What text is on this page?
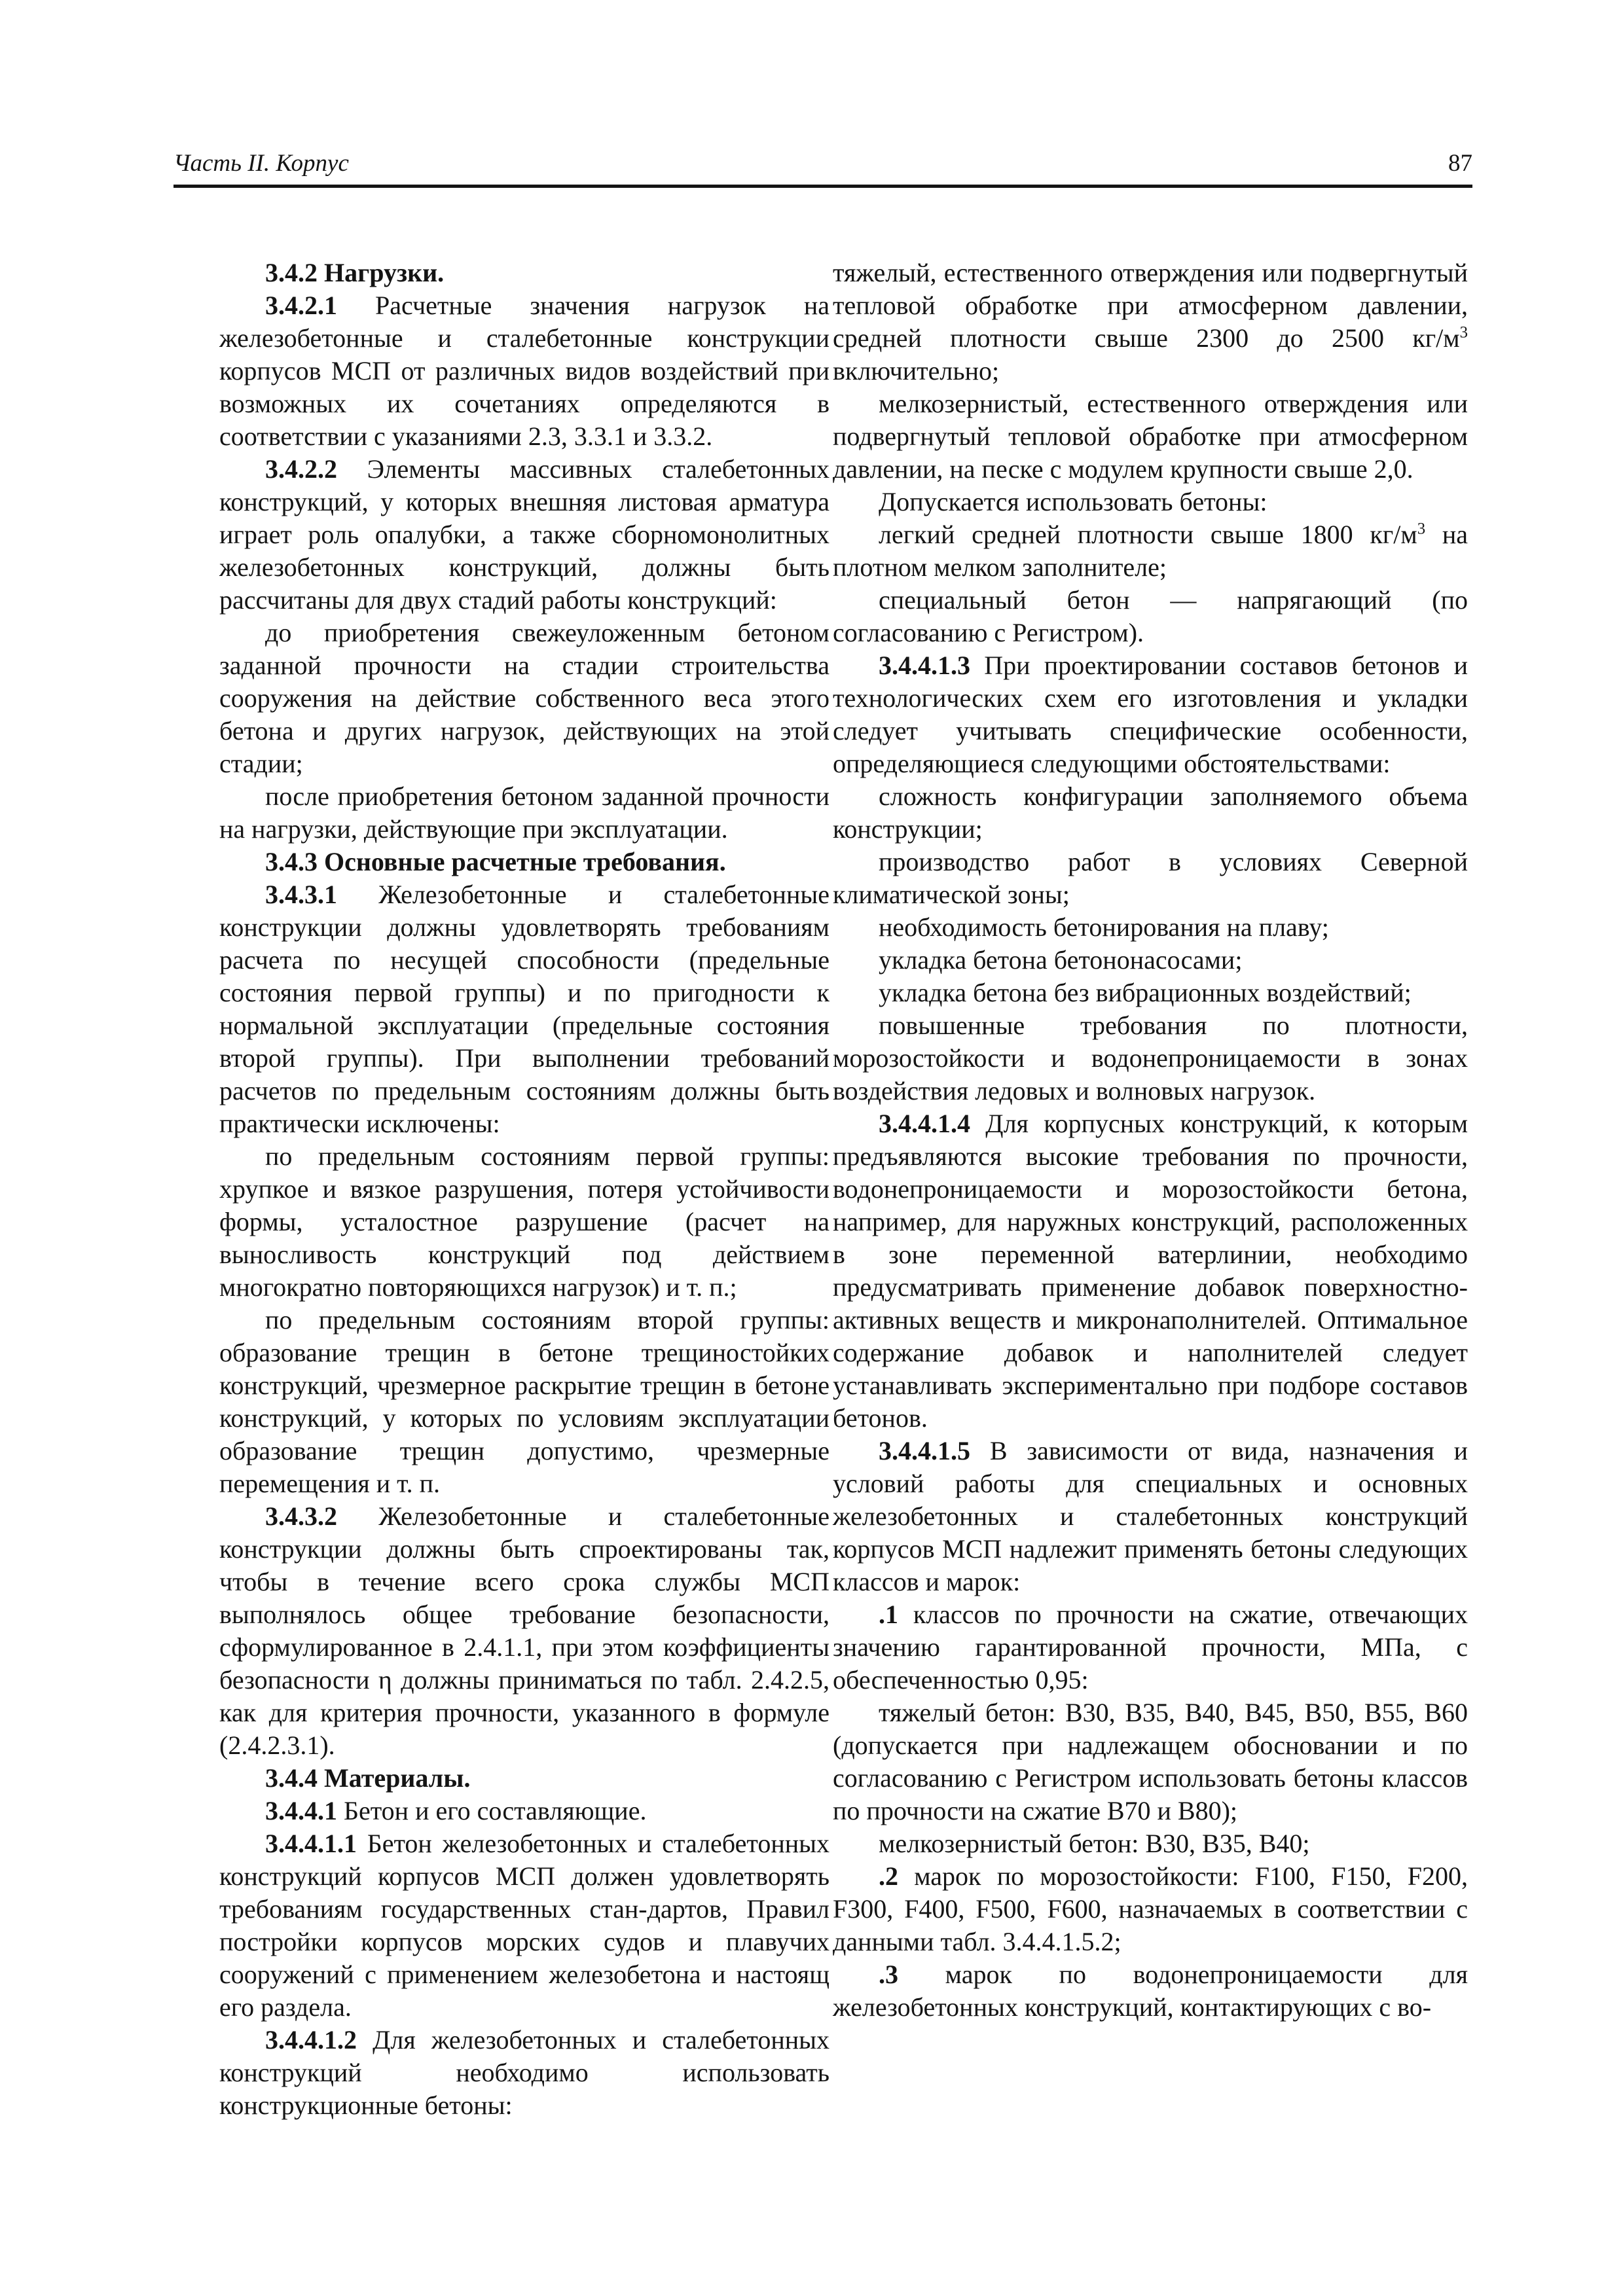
Часть II. Корпус	87

3.4.2 Нагрузки.

3.4.2.1 Расчетные значения нагрузок на железобетонные и сталебетонные конструкции корпусов МСП от различных видов воздействий при возможных их сочетаниях определяются в соответствии с указаниями 2.3, 3.3.1 и 3.3.2.

3.4.2.2 Элементы массивных сталебетонных конструкций, у которых внешняя листовая арматура играет роль опалубки, а также сборномонолитных железобетонных конструкций, должны быть рассчитаны для двух стадий работы конструкций:

до приобретения свежеуложенным бетоном заданной прочности на стадии строительства сооружения на действие собственного веса этого бетона и других нагрузок, действующих на этой стадии;

после приобретения бетоном заданной прочности на нагрузки, действующие при эксплуатации.

3.4.3 Основные расчетные требования.

3.4.3.1 Железобетонные и сталебетонные конструкции должны удовлетворять требованиям расчета по несущей способности (предельные состояния первой группы) и по пригодности к нормальной эксплуатации (предельные состояния второй группы). При выполнении требований расчетов по предельным состояниям должны быть практически исключены:

по предельным состояниям первой группы: хрупкое и вязкое разрушения, потеря устойчивости формы, усталостное разрушение (расчет на выносливость конструкций под действием многократно повторяющихся нагрузок) и т. п.;

по предельным состояниям второй группы: образование трещин в бетоне трещиностойких конструкций, чрезмерное раскрытие трещин в бетоне конструкций, у которых по условиям эксплуатации образование трещин допустимо, чрезмерные перемещения и т. п.

3.4.3.2 Железобетонные и сталебетонные конструкции должны быть спроектированы так, чтобы в течение всего срока службы МСП выполнялось общее требование безопасности, сформулированное в 2.4.1.1, при этом коэффициенты безопасности η должны приниматься по табл. 2.4.2.5, как для критерия прочности, указанного в формуле (2.4.2.3.1).

3.4.4 Материалы.

3.4.4.1 Бетон и его составляющие.

3.4.4.1.1 Бетон железобетонных и сталебетонных конструкций корпусов МСП должен удовлетворять требованиям государственных стан-дартов, Правил постройки корпусов морских судов и плавучих сооружений с применением железобетона и настоящ его раздела.

3.4.4.1.2 Для железобетонных и сталебетонных конструкций необходимо использовать конструкционные бетоны:

тяжелый, естественного отверждения или подвергнутый тепловой обработке при атмосферном давлении, средней плотности свыше 2300 до 2500 $кг/м^3$ включительно;

мелкозернистый, естественного отверждения или подвергнутый тепловой обработке при атмосферном давлении, на песке с модулем крупности свыше 2,0.

Допускается использовать бетоны:

легкий средней плотности свыше 1800 $кг/м^3$ на плотном мелком заполнителе;

специальный бетон — напрягающий (по согласованию с Регистром).

3.4.4.1.3 При проектировании составов бетонов и технологических схем его изготовления и укладки следует учитывать специфические особенности, определяющиеся следующими обстоятельствами:

сложность конфигурации заполняемого объема конструкции;

производство работ в условиях Северной климатической зоны;

необходимость бетонирования на плаву;

укладка бетона бетононасосами;

укладка бетона без вибрационных воздействий;

повышенные требования по плотности, морозостойкости и водонепроницаемости в зонах воздействия ледовых и волновых нагрузок.

3.4.4.1.4 Для корпусных конструкций, к которым предъявляются высокие требования по прочности, водонепроницаемости и морозостойкости бетона, например, для наружных конструкций, расположенных в зоне переменной ватерлинии, необходимо предусматривать применение добавок поверхностно-активных веществ и микронаполнителей. Оптимальное содержание добавок и наполнителей следует устанавливать экспериментально при подборе составов бетонов.

3.4.4.1.5 В зависимости от вида, назначения и условий работы для специальных и основных железобетонных и сталебетонных конструкций корпусов МСП надлежит применять бетоны следующих классов и марок:

.1 классов по прочности на сжатие, отвечающих значению гарантированной прочности, МПа, с обеспеченностью 0,95:

тяжелый бетон: B30, B35, B40, B45, B50, B55, B60 (допускается при надлежащем обосновании и по согласованию с Регистром использовать бетоны классов по прочности на сжатие B70 и B80);

мелкозернистый бетон: B30, B35, B40;

.2 марок по морозостойкости: F100, F150, F200, F300, F400, F500, F600, назначаемых в соответствии с данными табл. 3.4.4.1.5.2;

.3 марок по водонепроницаемости для железобетонных конструкций, контактирующих с во-
